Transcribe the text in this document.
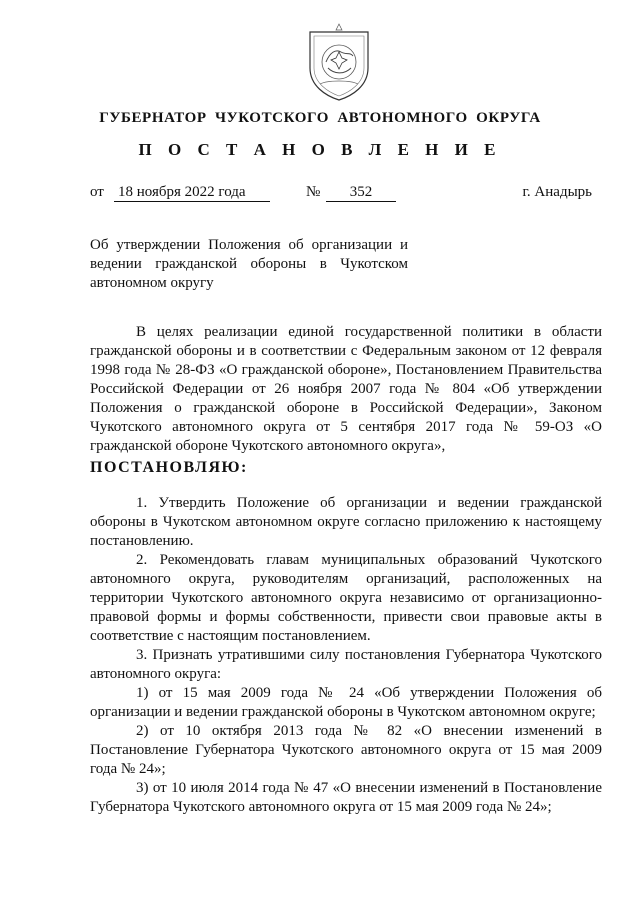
ГУБЕРНАТОР ЧУКОТСКОГО АВТОНОМНОГО ОКРУГА
П О С Т А Н О В Л Е Н И Е
от 18 ноября 2022 года	№	352	г. Анадырь
Об утверждении Положения об организации и
ведении гражданской обороны в Чукотском
автономном округу

В целях реализации единой государственной политики в области гражданской обороны и в соответствии с Федеральным законом от 12 февраля 1998 года № 28-ФЗ «О гражданской обороне», Постановлением Правительства Российской Федерации от 26 ноября 2007 года № 804 «Об утверждении Положения о гражданской обороне в Российской Федерации», Законом Чукотского автономного округа от 5 сентября 2017 года № 59-ОЗ «О гражданской обороне Чукотского автономного округа»,

ПОСТАНОВЛЯЮ:

1. Утвердить Положение об организации и ведении гражданской обороны в Чукотском автономном округе согласно приложению к настоящему постановлению.

2. Рекомендовать главам муниципальных образований Чукотского автономного округа, руководителям организаций, расположенных на территории Чукотского автономного округа независимо от организационно-правовой формы и формы собственности, привести свои правовые акты в соответствие с настоящим постановлением.

3. Признать утратившими силу постановления Губернатора Чукотского автономного округа:

1) от 15 мая 2009 года № 24 «Об утверждении Положения об организации и ведении гражданской обороны в Чукотском автономном округе;

2) от 10 октября 2013 года № 82 «О внесении изменений в Постановление Губернатора Чукотского автономного округа от 15 мая 2009 года № 24»;

3) от 10 июля 2014 года № 47 «О внесении изменений в Постановление Губернатора Чукотского автономного округа от 15 мая 2009 года № 24»;
